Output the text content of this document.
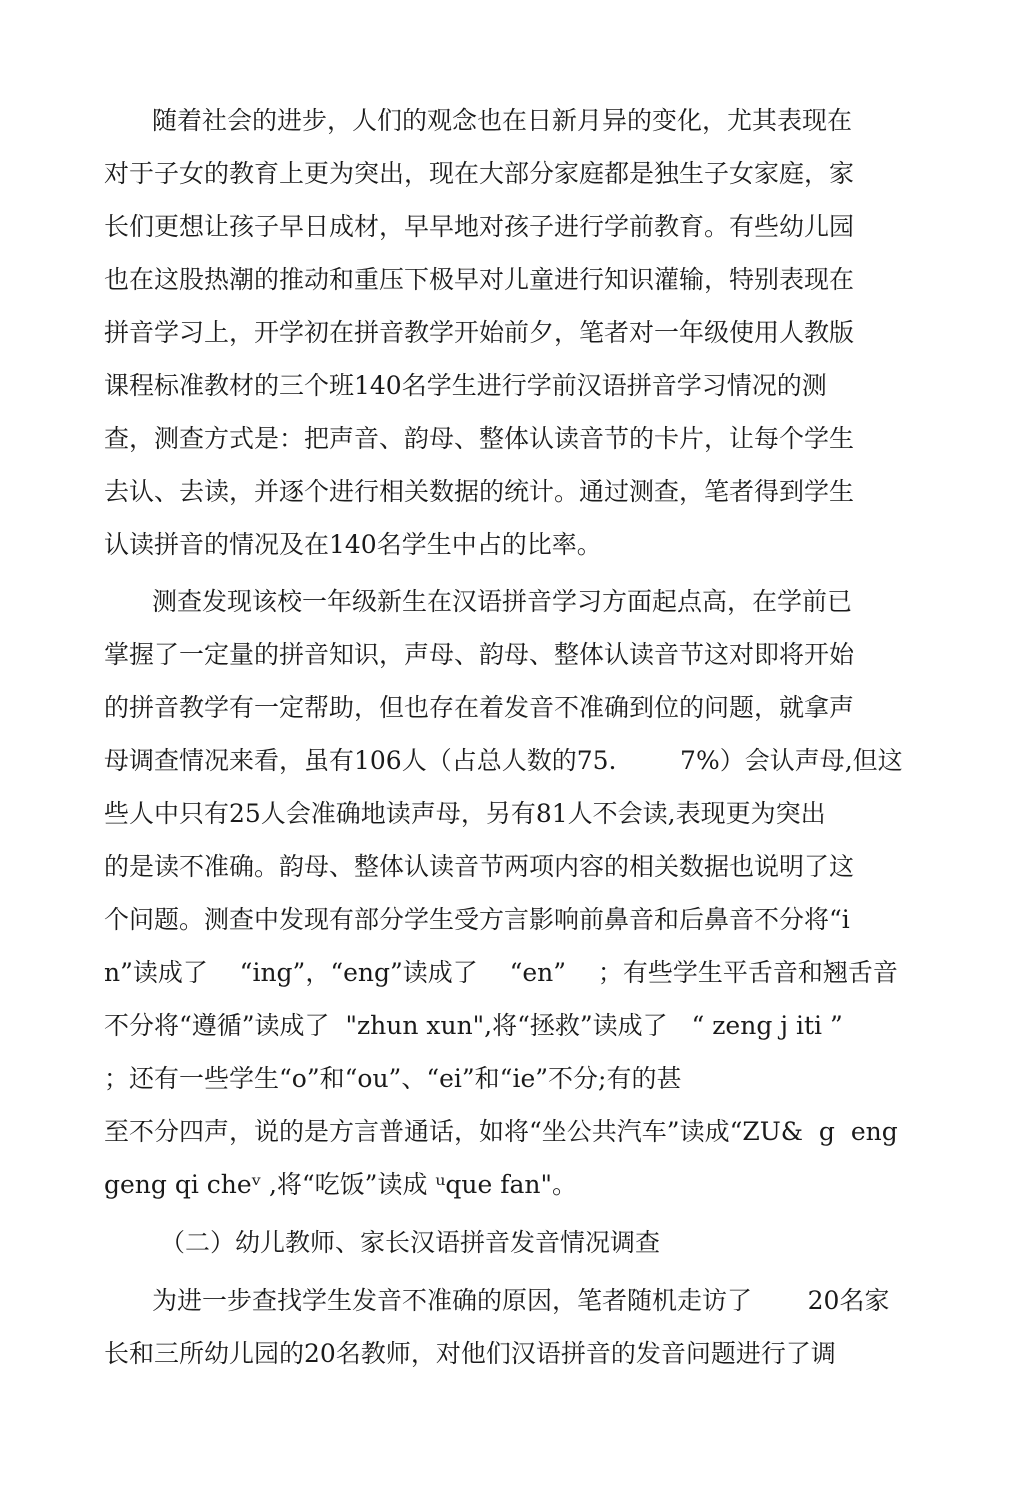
随着社会的进步，人们的观念也在日新月异的变化，尤其表现在
对于子女的教育上更为突出，现在大部分家庭都是独生子女家庭，家
长们更想让孩子早日成材，早早地对孩子进行学前教育。有些幼儿园
也在这股热潮的推动和重压下极早对儿童进行知识灌输，特别表现在
拼音学习上，开学初在拼音教学开始前夕，笔者对一年级使用人教版
课程标准教材的三个班140名学生进行学前汉语拼音学习情况的测
查，测查方式是：把声音、韵母、整体认读音节的卡片，让每个学生
去认、去读，并逐个进行相关数据的统计。通过测查，笔者得到学生
认读拼音的情况及在140名学生中占的比率。
测查发现该校一年级新生在汉语拼音学习方面起点高，在学前已
掌握了一定量的拼音知识，声母、韵母、整体认读音节这对即将开始
的拼音教学有一定帮助，但也存在着发音不准确到位的问题，就拿声
母调查情况来看，虽有106人（占总人数的75.        7%）会认声母,但这
些人中只有25人会准确地读声母，另有81人不会读,表现更为突出
的是读不准确。韵母、整体认读音节两项内容的相关数据也说明了这
个问题。测查中发现有部分学生受方言影响前鼻音和后鼻音不分将“i
n”读成了    “ing”，“eng”读成了    “en”    ；有些学生平舌音和翘舌音
不分将“遵循”读成了  "zhun xun",将“拯救”读成了   “ zeng j iti ”
；还有一些学生“o”和“ou”、“ei”和“ie”不分;有的甚
至不分四声，说的是方言普通话，如将“坐公共汽车”读成“ZU&  g  eng
geng qi cheᵛ ,将“吃饭”读成 ᵘque fan"。
（二）幼儿教师、家长汉语拼音发音情况调查
为进一步查找学生发音不准确的原因，笔者随机走访了       20名家
长和三所幼儿园的20名教师，对他们汉语拼音的发音问题进行了调
